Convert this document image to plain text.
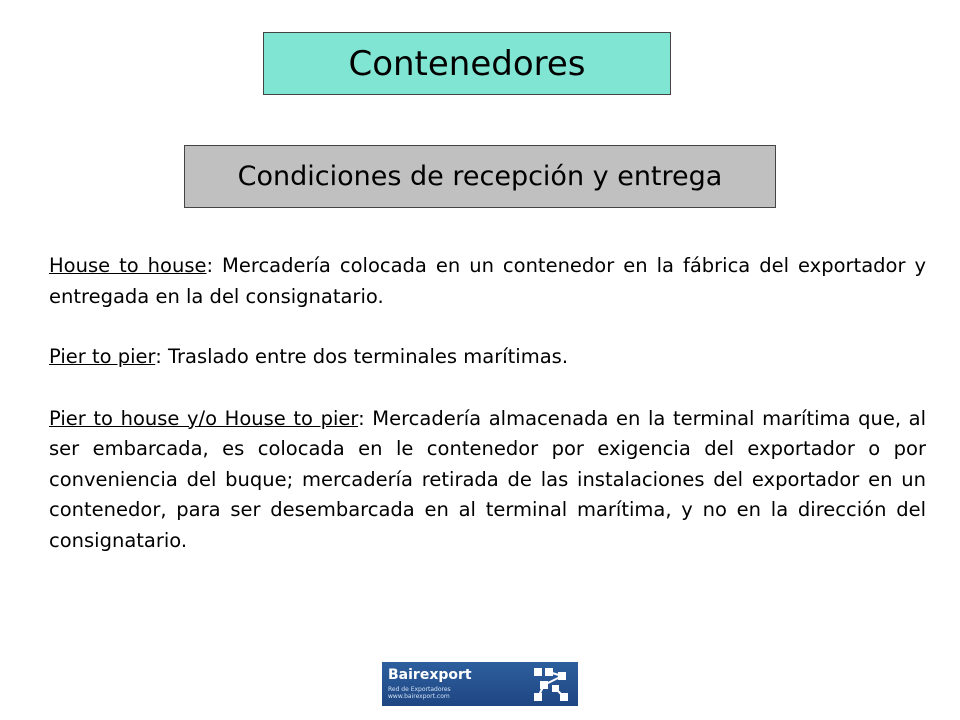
Contenedores
Condiciones de recepción y entrega

House to house: Mercadería colocada en un contenedor en la fábrica del exportador y entregada en la del consignatario.

Pier to pier: Traslado entre dos terminales marítimas.

Pier to house y/o House to pier: Mercadería almacenada en la terminal marítima que, al ser embarcada, es colocada en le contenedor por exigencia del exportador o por conveniencia del buque; mercadería retirada de las instalaciones del exportador en un contenedor, para ser desembarcada en al terminal marítima, y no en la dirección del consignatario.

Bairexport
Red de Exportadores
www.bairexport.com
